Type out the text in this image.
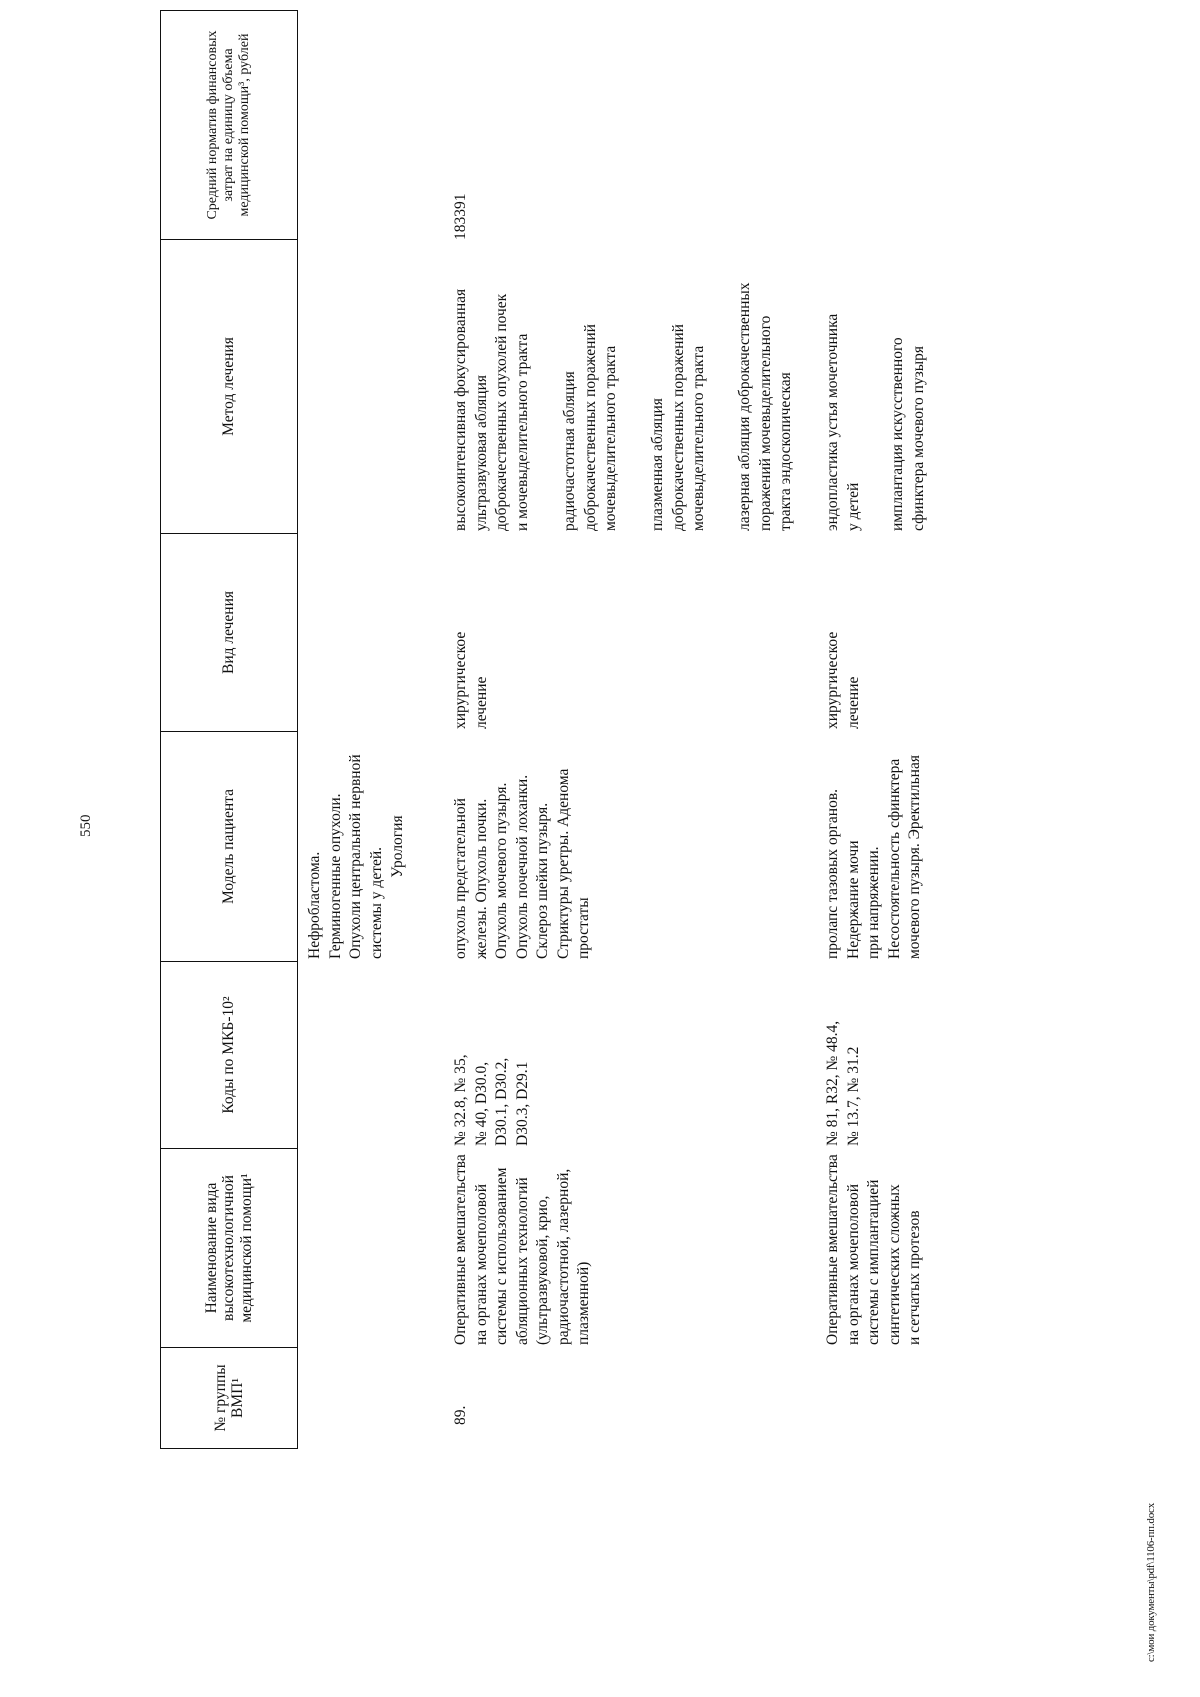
550
№ группы ВМП¹
Наименование вида высокотехнологичной медицинской помощи¹
Коды по МКБ-10²
Модель пациента
Вид лечения
Метод лечения
Средний норматив финансовых затрат на единицу объема медицинской помощи³, рублей
Нефробластома.
Герминогенные опухоли.
Опухоли центральной нервной
системы у детей. Урология
89.
Оперативные вмешательства
на органах мочеполовой
системы с использованием
абляционных технологий
(ультразвуковой, крио,
радиочастотной, лазерной,
плазменной)
№ 32.8, № 35,
№ 40, D30.0,
D30.1, D30.2,
D30.3, D29.1
опухоль предстательной
железы. Опухоль почки.
Опухоль мочевого пузыря.
Опухоль почечной лоханки.
Склероз шейки пузыря.
Стриктуры уретры. Аденома
простаты
хирургическое
лечение
высокоинтенсивная фокусированная
ультразвуковая абляция
доброкачественных опухолей почек
и мочевыделительного тракта
радиочастотная абляция
доброкачественных поражений
мочевыделительного тракта
плазменная абляция
доброкачественных поражений
мочевыделительного тракта
лазерная абляция доброкачественных
поражений мочевыделительного
тракта эндоскопическая
183391
Оперативные вмешательства
на органах мочеполовой
системы с имплантацией
синтетических сложных
и сетчатых протезов
№ 81, R32, № 48.4,
№ 13.7, № 31.2
пролапс тазовых органов.
Недержание мочи
при напряжении.
Несостоятельность сфинктера
мочевого пузыря. Эректильная
хирургическое
лечение
эндопластика устья мочеточника
у детей имплантация искусственного
сфинктера мочевого пузыря
c:\мои документы\pdf\1106-пп.docx
